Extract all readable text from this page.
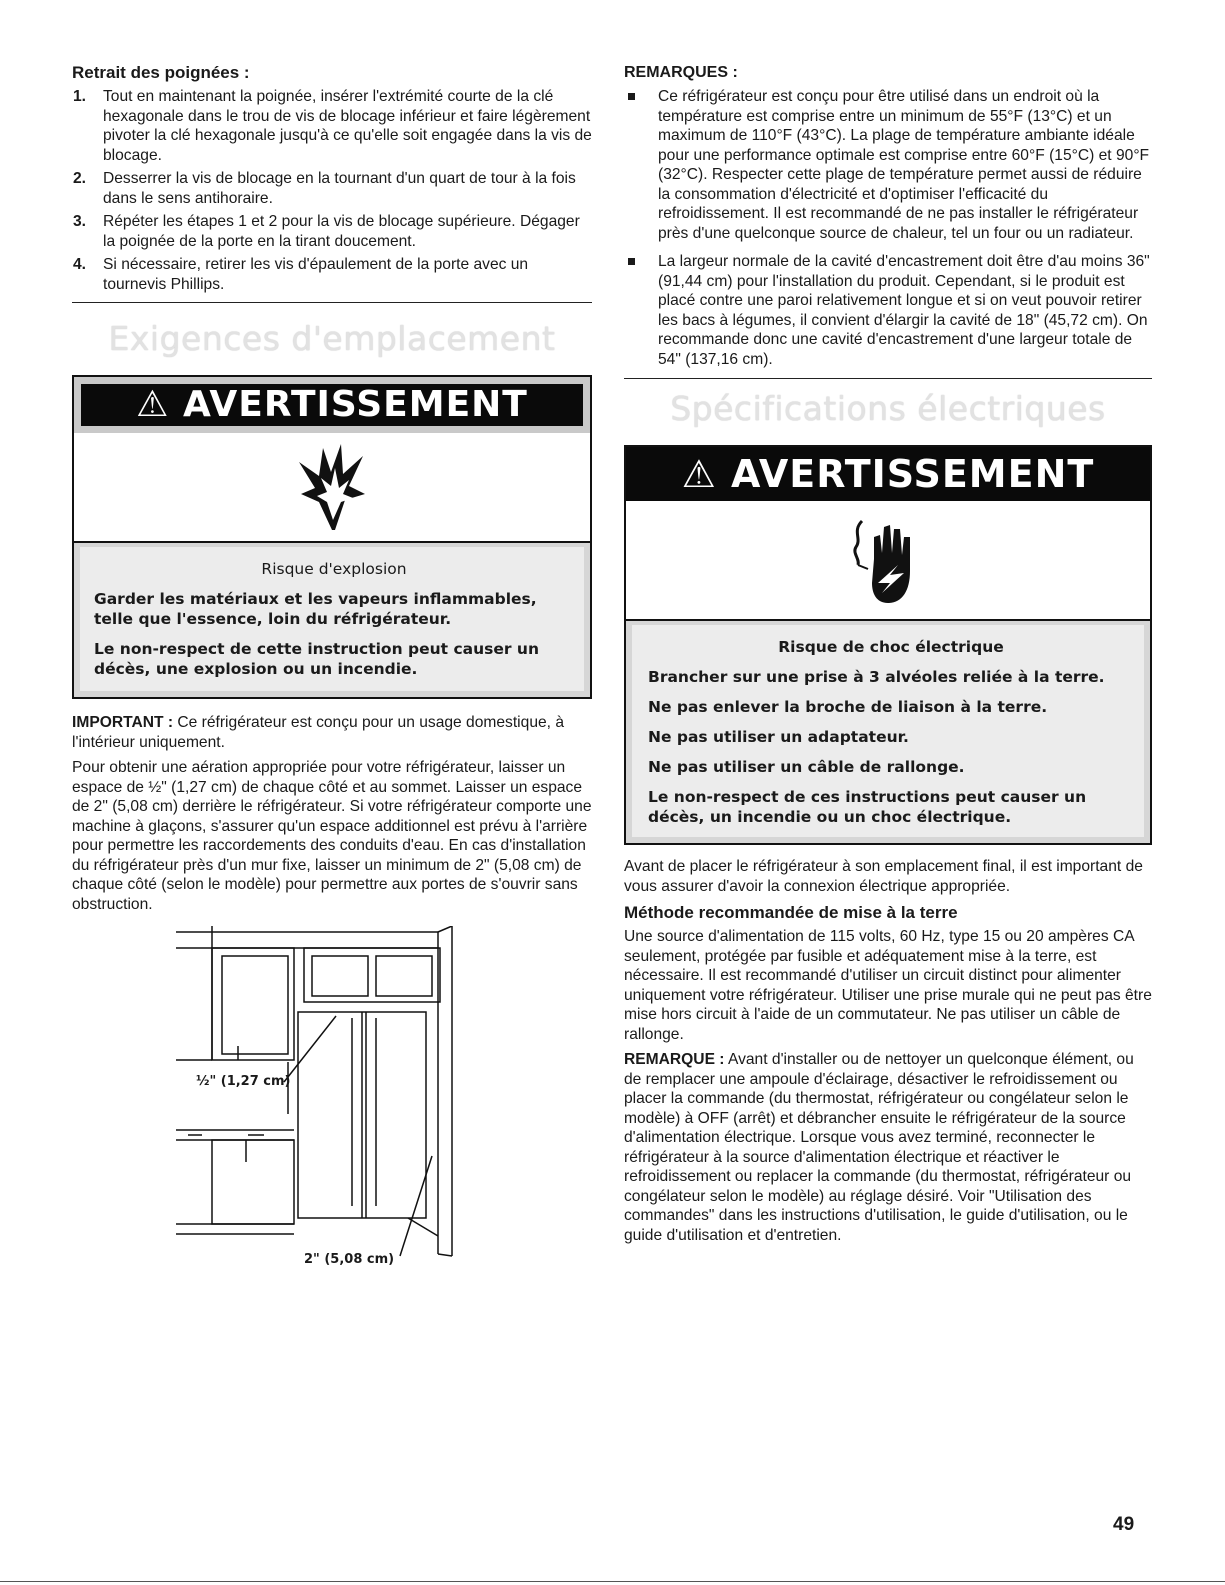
Retrait des poignées :
1. Tout en maintenant la poignée, insérer l'extrémité courte de la clé hexagonale dans le trou de vis de blocage inférieur et faire légèrement pivoter la clé hexagonale jusqu'à ce qu'elle soit engagée dans la vis de blocage.
2. Desserrer la vis de blocage en la tournant d'un quart de tour à la fois dans le sens antihoraire.
3. Répéter les étapes 1 et 2 pour la vis de blocage supérieure. Dégager la poignée de la porte en la tirant doucement.
4. Si nécessaire, retirer les vis d'épaulement de la porte avec un tournevis Phillips.
Exigences d'emplacement
⚠ AVERTISSEMENT
Risque d'explosion

Garder les matériaux et les vapeurs inflammables, telle que l'essence, loin du réfrigérateur.

Le non-respect de cette instruction peut causer un décès, une explosion ou un incendie.

IMPORTANT : Ce réfrigérateur est conçu pour un usage domestique, à l'intérieur uniquement.

Pour obtenir une aération appropriée pour votre réfrigérateur, laisser un espace de ½" (1,27 cm) de chaque côté et au sommet. Laisser un espace de 2" (5,08 cm) derrière le réfrigérateur. Si votre réfrigérateur comporte une machine à glaçons, s'assurer qu'un espace additionnel est prévu à l'arrière pour permettre les raccordements des conduits d'eau. En cas d'installation du réfrigérateur près d'un mur fixe, laisser un minimum de 2" (5,08 cm) de chaque côté (selon le modèle) pour permettre aux portes de s'ouvrir sans obstruction.

½" (1,27 cm)
2" (5,08 cm)
REMARQUES :
Ce réfrigérateur est conçu pour être utilisé dans un endroit où la température est comprise entre un minimum de 55°F (13°C) et un maximum de 110°F (43°C). La plage de température ambiante idéale pour une performance optimale est comprise entre 60°F (15°C) et 90°F (32°C). Respecter cette plage de température permet aussi de réduire la consommation d'électricité et d'optimiser l'efficacité du refroidissement. Il est recommandé de ne pas installer le réfrigérateur près d'une quelconque source de chaleur, tel un four ou un radiateur.
La largeur normale de la cavité d'encastrement doit être d'au moins 36" (91,44 cm) pour l'installation du produit. Cependant, si le produit est placé contre une paroi relativement longue et si on veut pouvoir retirer les bacs à légumes, il convient d'élargir la cavité de 18" (45,72 cm). On recommande donc une cavité d'encastrement d'une largeur totale de 54" (137,16 cm).
Spécifications électriques
⚠ AVERTISSEMENT
Risque de choc électrique

Brancher sur une prise à 3 alvéoles reliée à la terre.

Ne pas enlever la broche de liaison à la terre.

Ne pas utiliser un adaptateur.

Ne pas utiliser un câble de rallonge.

Le non-respect de ces instructions peut causer un décès, un incendie ou un choc électrique.

Avant de placer le réfrigérateur à son emplacement final, il est important de vous assurer d'avoir la connexion électrique appropriée.

Méthode recommandée de mise à la terre

Une source d'alimentation de 115 volts, 60 Hz, type 15 ou 20 ampères CA seulement, protégée par fusible et adéquatement mise à la terre, est nécessaire. Il est recommandé d'utiliser un circuit distinct pour alimenter uniquement votre réfrigérateur. Utiliser une prise murale qui ne peut pas être mise hors circuit à l'aide de un commutateur. Ne pas utiliser un câble de rallonge.

REMARQUE : Avant d'installer ou de nettoyer un quelconque élément, ou de remplacer une ampoule d'éclairage, désactiver le refroidissement ou placer la commande (du thermostat, réfrigérateur ou congélateur selon le modèle) à OFF (arrêt) et débrancher ensuite le réfrigérateur de la source d'alimentation électrique. Lorsque vous avez terminé, reconnecter le réfrigérateur à la source d'alimentation électrique et réactiver le refroidissement ou replacer la commande (du thermostat, réfrigérateur ou congélateur selon le modèle) au réglage désiré. Voir "Utilisation des commandes" dans les instructions d'utilisation, le guide d'utilisation, ou le guide d'utilisation et d'entretien.

49
